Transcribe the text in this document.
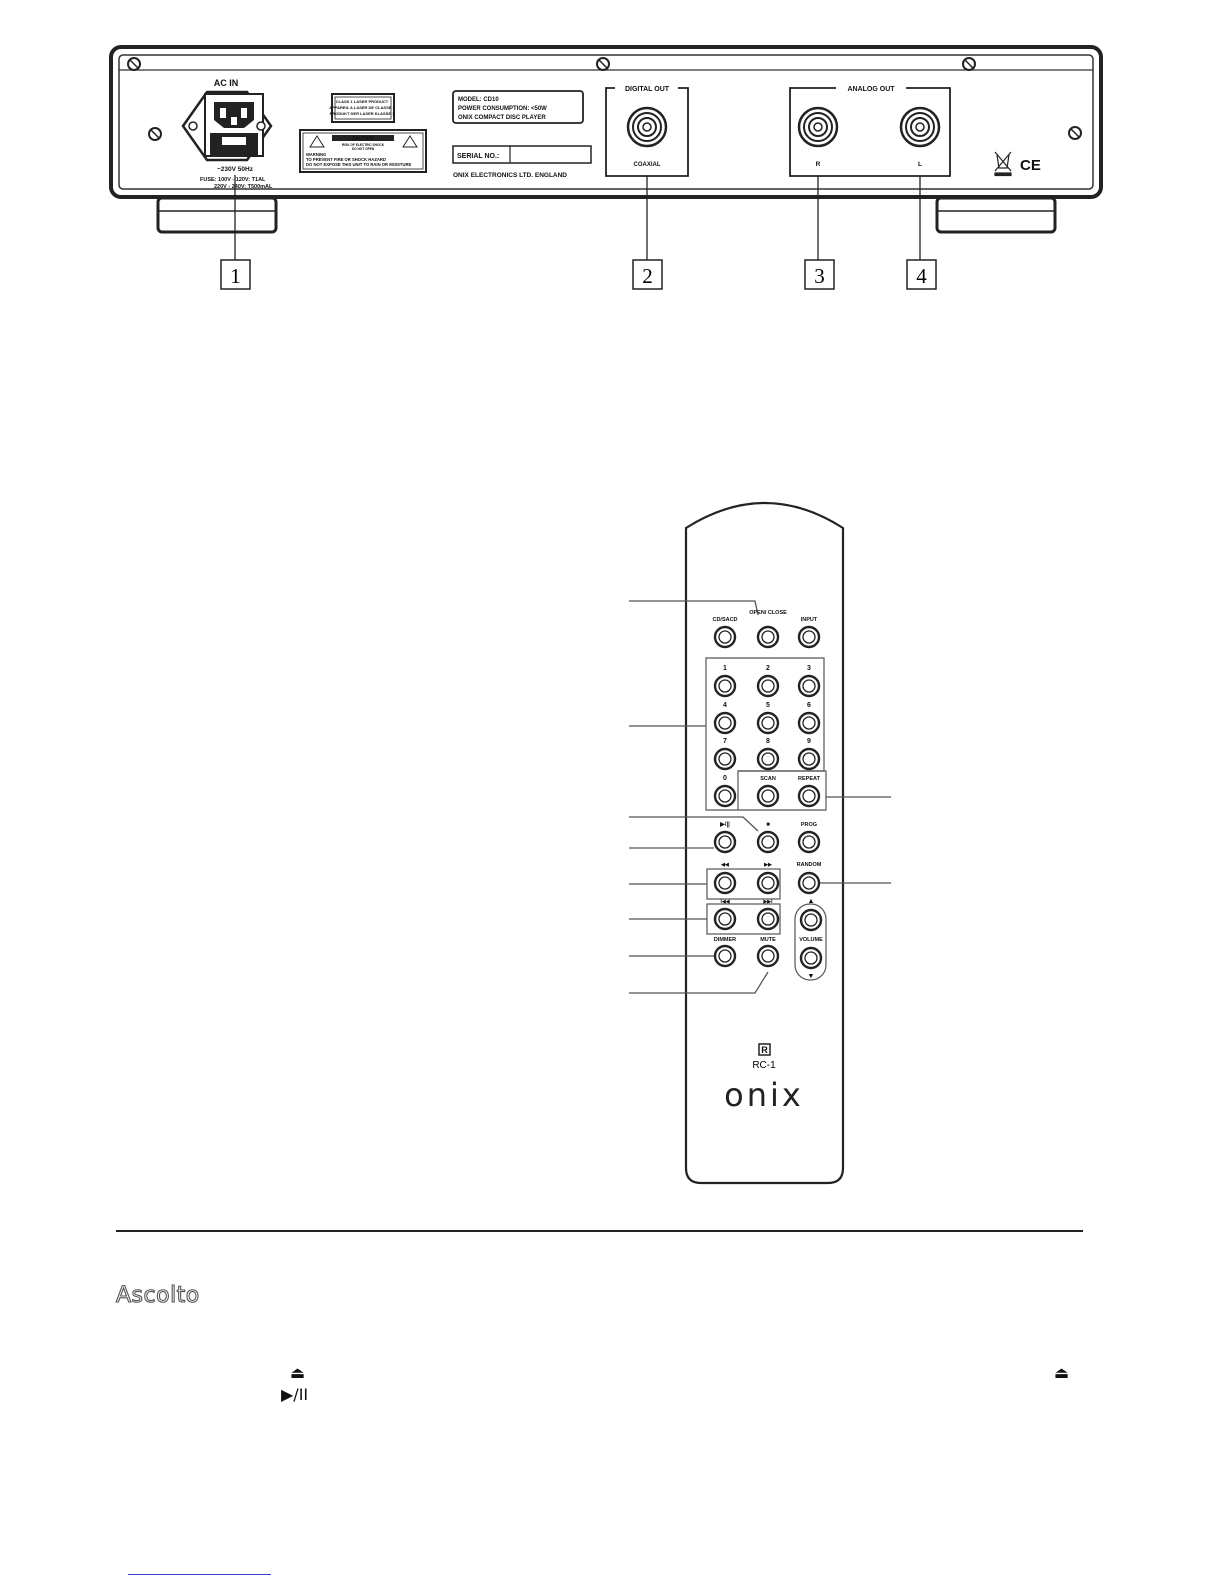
AC IN
~230V 50Hz
FUSE: 100V - 120V: T1AL
220V - 240V: T500mAL
CLASS 1 LASER PRODUCT
APPAREIL A LASER DE CLASSE 1
PRODUKT DER LASER KLASSE 1
CAUTION
RISK OF ELECTRIC SHOCK
DO NOT OPEN
WARNING
TO PREVENT FIRE OR SHOCK HAZARD
DO NOT EXPOSE THIS UNIT TO RAIN OR MOISTURE
MODEL: CD10
POWER CONSUMPTION: <50W
ONIX COMPACT DISC PLAYER
SERIAL NO.:
ONIX ELECTRONICS LTD. ENGLAND
DIGITAL OUT
COAXIAL
ANALOG OUT
R	L	CE
1	2	3	4
CD/SACD
OPEN/ CLOSE
INPUT
1	2	3
4	5	6
7	8	9
0	SCAN	REPEAT
▶/||	■	PROG
◀◀	▶▶	RANDOM
I◀◀	▶▶I
DIMMER	MUTE	VOLUME
▲
▼
R
RC-1
onix
Ascolto
⏏	⏏
▶/II
